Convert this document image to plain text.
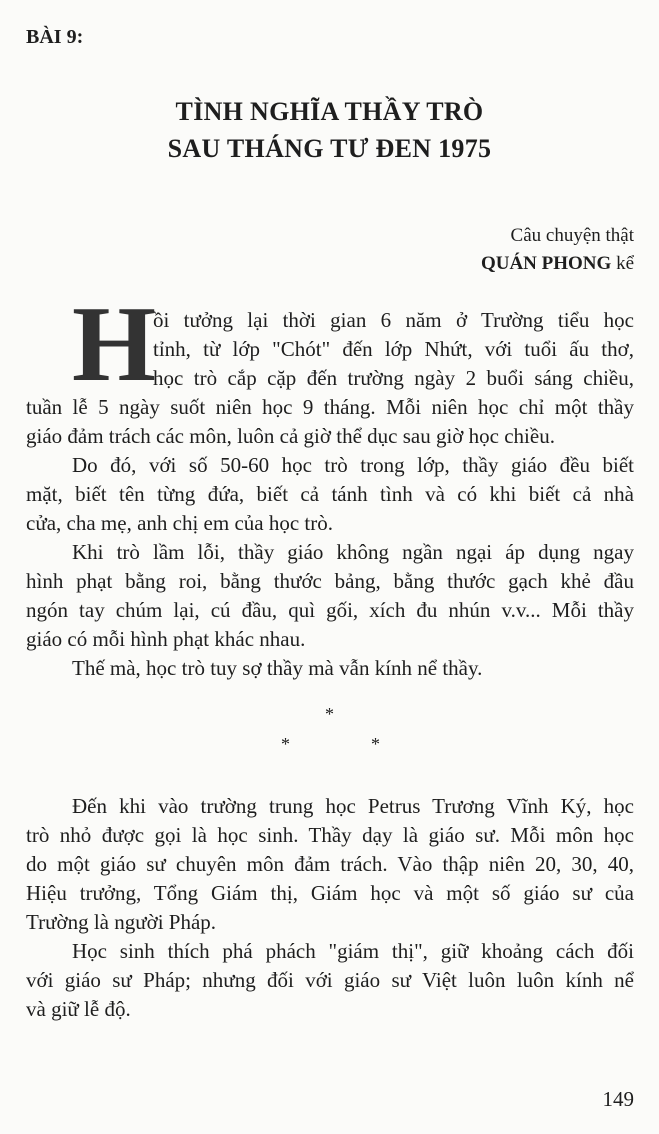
BÀI 9:
TÌNH NGHĨA THẦY TRÒ
SAU THÁNG TƯ ĐEN 1975
Câu chuyện thật
QUÁN PHONG kể
H
ồi tưởng lại thời gian 6 năm ở Trường tiểu học
tỉnh, từ lớp "Chót" đến lớp Nhứt, với tuổi ấu thơ,
học trò cắp cặp đến trường ngày 2 buổi sáng chiều,
tuần lễ 5 ngày suốt niên học 9 tháng. Mỗi niên học chỉ một thầy
giáo đảm trách các môn, luôn cả giờ thể dục sau giờ học chiều.
Do đó, với số 50-60 học trò trong lớp, thầy giáo đều biết
mặt, biết tên từng đứa, biết cả tánh tình và có khi biết cả nhà
cửa, cha mẹ, anh chị em của học trò.
Khi trò lầm lỗi, thầy giáo không ngần ngại áp dụng ngay
hình phạt bằng roi, bằng thước bảng, bằng thước gạch khẻ đầu
ngón tay chúm lại, cú đầu, quì gối, xích đu nhún v.v... Mỗi thầy
giáo có mỗi hình phạt khác nhau.
Thế mà, học trò tuy sợ thầy mà vẫn kính nể thầy.
Đến khi vào trường trung học Petrus Trương Vĩnh Ký, học
trò nhỏ được gọi là học sinh. Thầy dạy là giáo sư. Mỗi môn học
do một giáo sư chuyên môn đảm trách. Vào thập niên 20, 30, 40,
Hiệu trưởng, Tổng Giám thị, Giám học và một số giáo sư của
Trường là người Pháp.
Học sinh thích phá phách "giám thị", giữ khoảng cách đối
với giáo sư Pháp; nhưng đối với giáo sư Việt luôn luôn kính nể
và giữ lễ độ.
*
*	*
149
